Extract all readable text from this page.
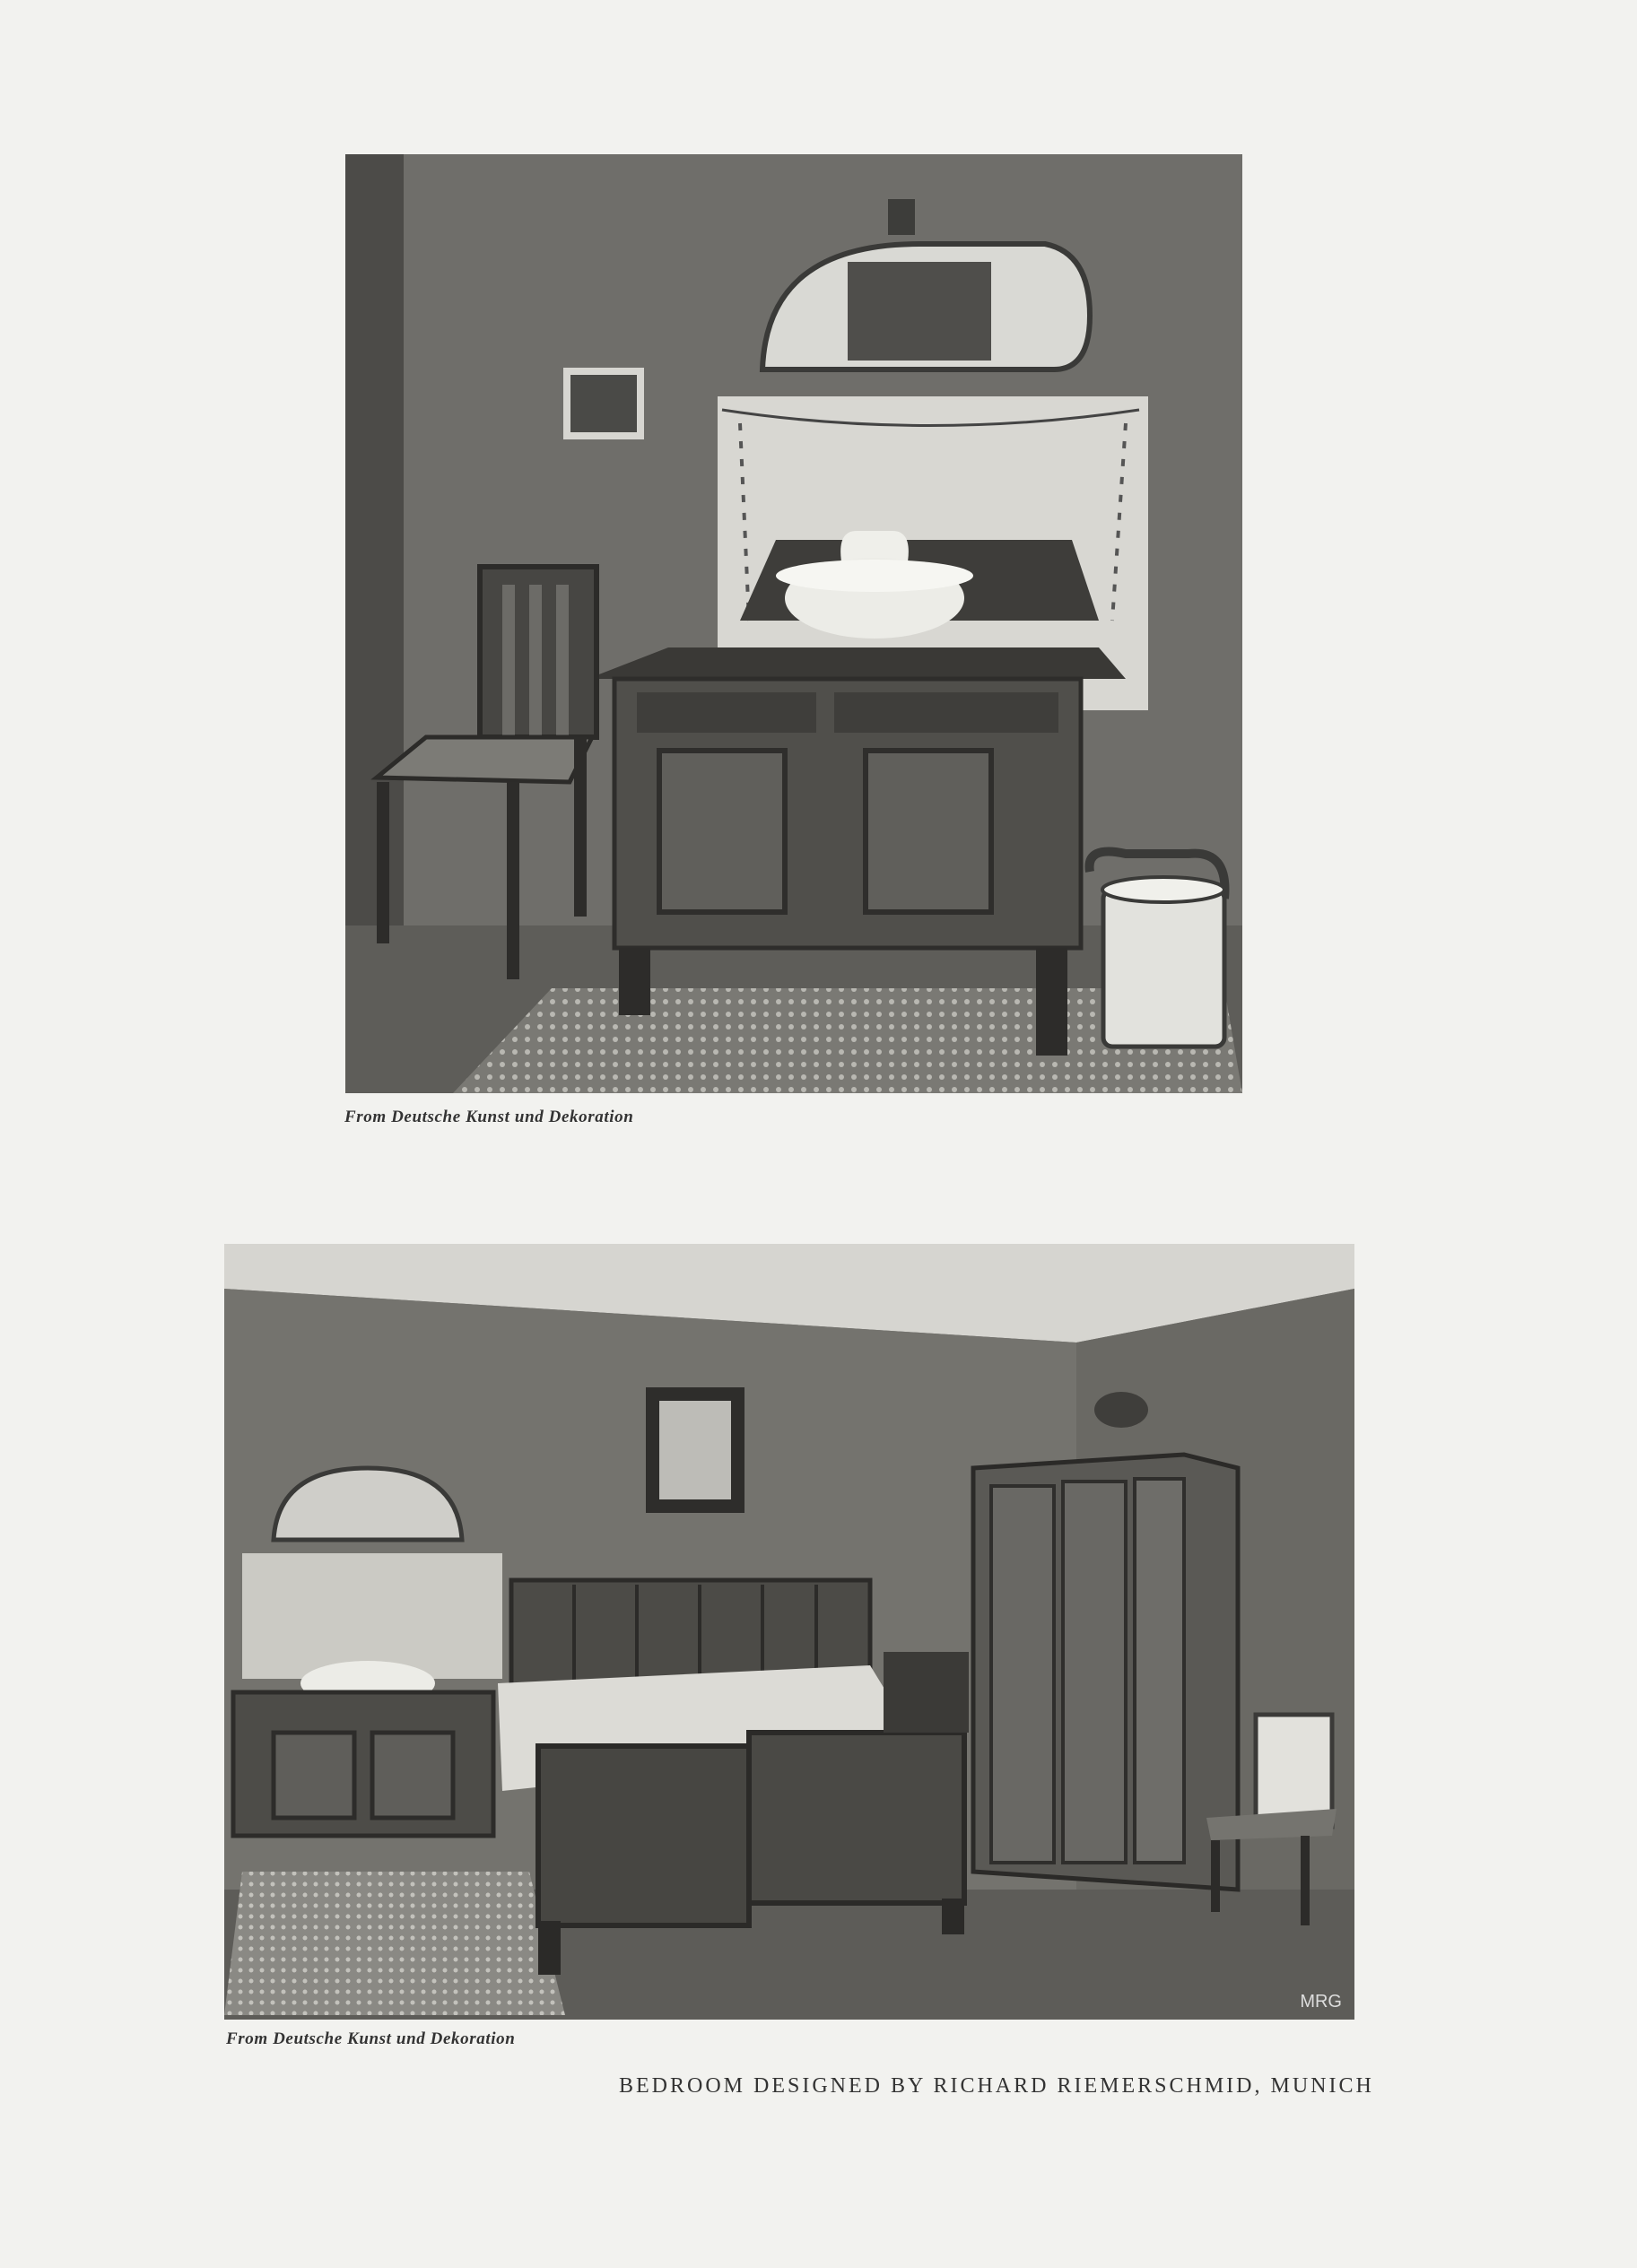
From Deutsche Kunst und Dekoration
MRG
From Deutsche Kunst und Dekoration
BEDROOM DESIGNED BY RICHARD RIEMERSCHMID, MUNICH
